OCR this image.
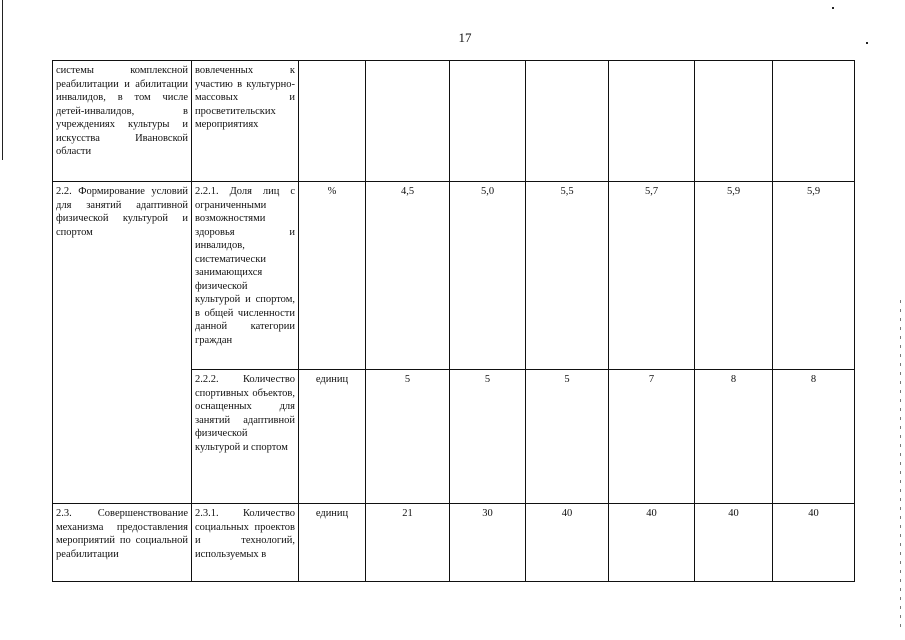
17
системы комплексной реабилитации и абилитации инвалидов, в том числе детей-инвалидов, в учреждениях культуры и искусства Ивановской области	вовлеченных к участию в культурно-массовых и просветительских мероприятиях							
2.2. Формирование условий для занятий адаптивной физической культурой и спортом	2.2.1. Доля лиц с ограниченными возможностями здоровья и инвалидов, систематически занимающихся физической культурой и спортом, в общей численности данной категории граждан	%	4,5	5,0	5,5	5,7	5,9	5,9
	2.2.2. Количество спортивных объектов, оснащенных для занятий адаптивной физической культурой и спортом	единиц	5	5	5	7	8	8
2.3. Совершенствование механизма предоставления мероприятий по социальной реабилитации	2.3.1. Количество социальных проектов и технологий, используемых в	единиц	21	30	40	40	40	40
